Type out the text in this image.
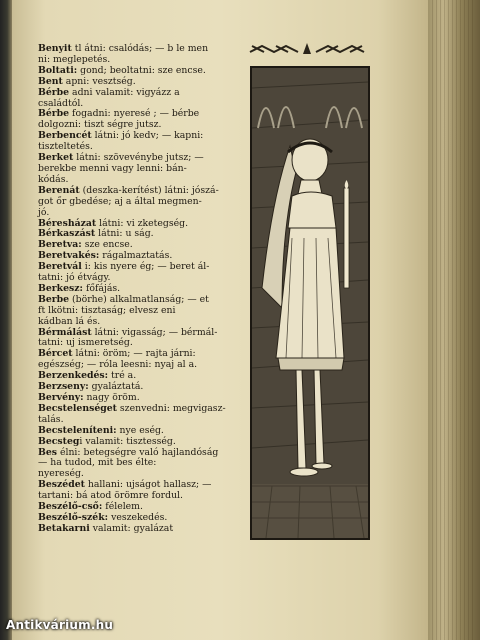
Benyit tl átni: csalódás; — b le men
ni: meglepetés.
Boltati: gond; beoltatni: sze encse.
Bent apni: vesztség.
Bérbe adni valamit: vigyázz a
családtól.
Bérbe fogadni: nyeresé ; — bérbe
dolgozni: tiszt ségre jutsz.
Berbencét látni: jó kedv; — kapni:
tiszteltetés.
Berket látni: szövevénybe jutsz; —
berekbe menni vagy lenni: bán-
kódás.
Berenát (deszka-kerítést) látni: jószá-
got őr gbedése; aj a által megmen-
jó.
Béresházat látni: vi zketegség.
Bérkaszást látni: u ság.
Beretva: sze encse.
Beretvakés: rágalmaztatás.
Beretvál i: kis nyere ég; — beret ál-
tatni: jó étvágy.
Berkesz: főfájás.
Berbe (börhe) alkalmatlanság; — et
ft lkötni: tisztaság; elvesz eni
kádban lá és.
Bérmálást látni: vigasság; — bérmál-
tatni: uj ismeretség.
Bércet látni: öröm; — rajta járni:
egészség; — róla leesni: nyaj al a.
Berzenkedés: tré a.
Berzseny: gyaláztatá.
Bervény: nagy öröm.
Becstelenséget szenvedni: megvigasz-
talás.
Becsteleníteni: nye eség.
Becstegi valamit: tisztesség.
Bes élni: betegségre való hajlandóság
— ha tudod, mit bes élte:
nyereség.
Beszédet hallani: ujságot hallasz; —
tartani: bá atod örömre fordul.
Beszélő-cső: félelem.
Beszélő-szék: veszekedés.
Betakarni valamit: gyalázat
Antikvárium.hu
